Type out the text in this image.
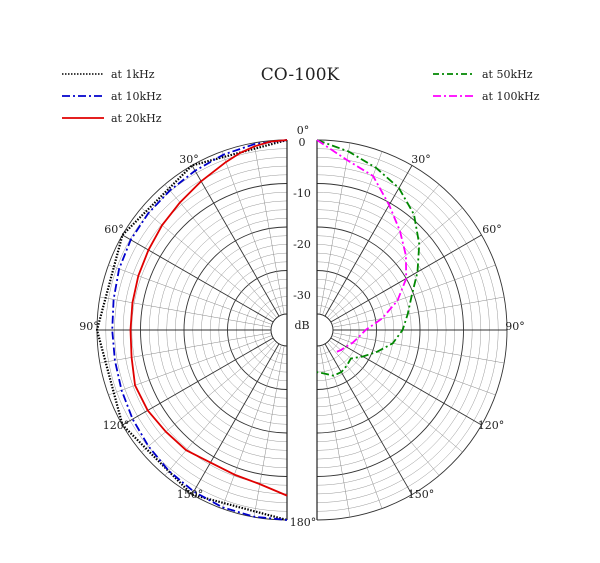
CO-100K
0°
180°
30°
60°
90°
120°
150°
30°
60°
90°
120°
150°
0
-10
-20
-30
dB
at 1kHz
at 10kHz
at 20kHz
at 50kHz
at 100kHz
